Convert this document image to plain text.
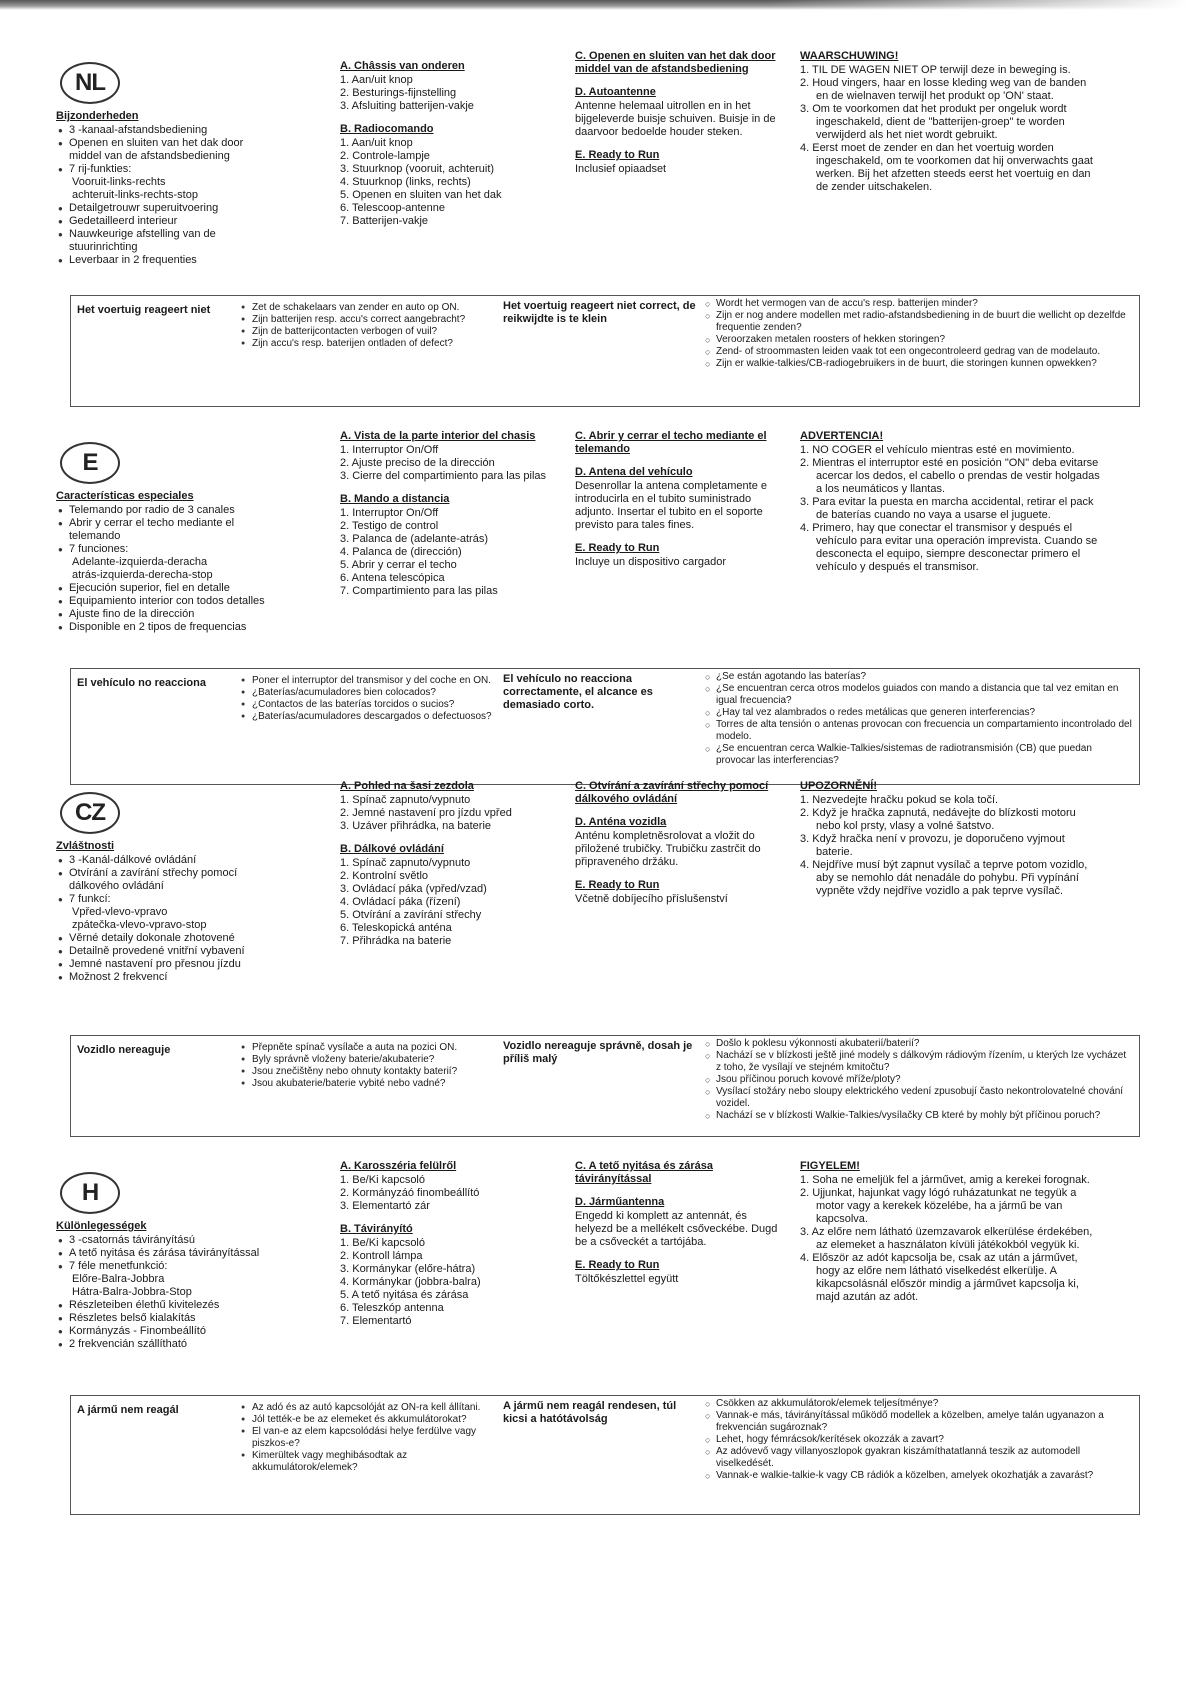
NL
Bijzonderheden
● 3 -kanaal-afstandsbediening
● Openen en sluiten van het dak door middel van de afstandsbediening
● 7 rij-funkties:
Vooruit-links-rechts
achteruit-links-rechts-stop
● Detailgetrouwr superuitvoering
● Gedetailleerd interieur
● Nauwkeurige afstelling van de stuurinrichting
● Leverbaar in 2 frequenties
A. Châssis van onderen
1. Aan/uit knop
2. Besturings-fijnstelling
3. Afsluiting batterijen-vakje
B. Radiocomando
1. Aan/uit knop
2. Controle-lampje
3. Stuurknop (vooruit, achteruit)
4. Stuurknop (links, rechts)
5. Openen en sluiten van het dak
6. Telescoop-antenne
7. Batterijen-vakje
C. Openen en sluiten van het dak door middel van de afstandsbediening
D. Autoantenne
Antenne helemaal uitrollen en in het bijgeleverde buisje schuiven. Buisje in de daarvoor bedoelde houder steken.
E. Ready to Run
Inclusief opiaadset
WAARSCHUWING!
1. TIL DE WAGEN NIET OP terwijl deze in beweging is.
2. Houd vingers, haar en losse kleding weg van de banden en de wielnaven terwijl het produkt op 'ON' staat.
3. Om te voorkomen dat het produkt per ongeluk wordt ingeschakeld, dient de "batterijen-groep" te worden verwijderd als het niet wordt gebruikt.
4. Eerst moet de zender en dan het voertuig worden ingeschakeld, om te voorkomen dat hij onverwachts gaat werken. Bij het afzetten steeds eerst het voertuig en dan de zender uitschakelen.
Het voertuig reageert niet	● Zet de schakelaars van zender en auto op ON.
● Zijn batterijen resp. accu's correct aangebracht?
● Zijn de batterijcontacten verbogen of vuil?
● Zijn accu's resp. baterijen ontladen of defect?
Het voertuig reageert niet correct, de reikwijdte is te klein
○ Wordt het vermogen van de accu's resp. batterijen minder?
○ Zijn er nog andere modellen met radio-afstandsbediening in de buurt die wellicht op dezelfde frequentie zenden?
○ Veroorzaken metalen roosters of hekken storingen?
○ Zend- of stroommasten leiden vaak tot een ongecontroleerd gedrag van de modelauto.
○ Zijn er walkie-talkies/CB-radiogebruikers in de buurt, die storingen kunnen opwekken?
E
Características especiales
● Telemando por radio de 3 canales
● Abrir y cerrar el techo mediante el telemando
● 7 funciones:
Adelante-izquierda-deracha
atrás-izquierda-derecha-stop
● Ejecución superior, fiel en detalle
● Equipamiento interior con todos detalles
● Ajuste fino de la dirección
● Disponible en 2 tipos de frequencias
A. Vista de la parte interior del chasis
1. Interruptor On/Off
2. Ajuste preciso de la dirección
3. Cierre del compartimiento para las pilas
B. Mando a distancia
1. Interruptor On/Off
2. Testigo de control
3. Palanca de (adelante-atrás)
4. Palanca de (dirección)
5. Abrir y cerrar el techo
6. Antena telescópica
7. Compartimiento para las pilas
C. Abrir y cerrar el techo mediante el telemando
D. Antena del vehículo
Desenrollar la antena completamente e introducirla en el tubito suministrado adjunto. Insertar el tubito en el soporte previsto para tales fines.
E. Ready to Run
Incluye un dispositivo cargador
ADVERTENCIA!
1. NO COGER el vehículo mientras esté en movimiento.
2. Mientras el interruptor esté en posición "ON" deba evitarse acercar los dedos, el cabello o prendas de vestir holgadas a los neumáticos y llantas.
3. Para evitar la puesta en marcha accidental, retirar el pack de baterías cuando no vaya a usarse el juguete.
4. Primero, hay que conectar el transmisor y después el vehículo para evitar una operación imprevista. Cuando se desconecta el equipo, siempre desconectar primero el vehículo y después el transmisor.
El vehículo no reacciona	● Poner el interruptor del transmisor y del coche en ON.
● ¿Baterías/acumuladores bien colocados?
● ¿Contactos de las baterías torcidos o sucios?
● ¿Baterías/acumuladores descargados o defectuosos?
El vehículo no reacciona correctamente, el alcance es demasiado corto.
○ ¿Se están agotando las baterías?
○ ¿Se encuentran cerca otros modelos guiados con mando a distancia que tal vez emitan en igual frecuencia?
○ ¿Hay tal vez alambrados o redes metálicas que generen interferencias?
○ Torres de alta tensión o antenas provocan con frecuencia un compartamiento incontrolado del modelo.
○ ¿Se encuentran cerca Walkie-Talkies/sistemas de radiotransmisión (CB) que puedan provocar las interferencias?
CZ
Zvláštnosti
● 3 -Kanál-dálkové ovládání
● Otvírání a zavírání střechy pomocí dálkového ovládání
● 7 funkcí:
Vpřed-vlevo-vpravo
zpátečka-vlevo-vpravo-stop
● Věrné detaily dokonale zhotovené
● Detailně provedené vnitřní vybavení
● Jemné nastavení pro přesnou jízdu
● Možnost 2 frekvencí
A. Pohled na šasi zezdola
1. Spínač zapnuto/vypnuto
2. Jemné nastavení pro jízdu vpřed
3. Uzáver přihrádka, na baterie
B. Dálkové ovládání
1. Spínač zapnuto/vypnuto
2. Kontrolní světlo
3. Ovládací páka (vpřed/vzad)
4. Ovládací páka (řízení)
5. Otvírání a zavírání střechy
6. Teleskopická anténa
7. Přihrádka na baterie
C. Otvírání a zavírání střechy pomocí dálkového ovládání
D. Anténa vozidla
Anténu kompletněsrolovat a vložit do přiložené trubičky. Trubičku zastrčit do připraveného držáku.
E. Ready to Run
Včetně dobíjecího příslušenství
UPOZORNĚNÍ!
1. Nezvedejte hračku pokud se kola točí.
2. Když je hračka zapnutá, nedávejte do blízkosti motoru nebo kol prsty, vlasy a volné šatstvo.
3. Když hračka není v provozu, je doporučeno vyjmout baterie.
4. Nejdříve musí být zapnut vysílač a teprve potom vozidlo, aby se nemohlo dát nenadále do pohybu. Při vypínání vypněte vždy nejdříve vozidlo a pak teprve vysílač.
Vozidlo nereaguje	● Přepněte spínač vysílače a auta na pozici ON.
● Byly správně vloženy baterie/akubaterie?
● Jsou znečištěny nebo ohnuty kontakty baterií?
● Jsou akubaterie/baterie vybité nebo vadné?
Vozidlo nereaguje správně, dosah je příliš malý
○ Došlo k poklesu výkonnosti akubaterií/baterií?
○ Nachází se v blízkosti ještě jiné modely s dálkovým rádiovým řízením, u kterých lze vycházet z toho, že vysílají ve stejném kmitočtu?
○ Jsou příčinou poruch kovové mříže/ploty?
○ Vysílací stožáry nebo sloupy elektrického vedení zpusobují často nekontrolovatelné chování vozidel.
○ Nachází se v blízkosti Walkie-Talkies/vysílačky CB které by mohly být příčinou poruch?
H
Különlegességek
● 3 -csatornás távirányítású
● A tető nyitása és zárása távirányítással
● 7 féle menetfunkció:
Előre-Balra-Jobbra
Hátra-Balra-Jobbra-Stop
● Részleteiben élethű kivitelezés
● Részletes belső kialakítás
● Kormányzás - Finombeállító
● 2 frekvencián szállítható
A. Karosszéria felülről
1. Be/Ki kapcsoló
2. Kormányzáó finombeállító
3. Elementartó zár
B. Távirányító
1. Be/Ki kapcsoló
2. Kontroll lámpa
3. Kormánykar (előre-hátra)
4. Kormánykar (jobbra-balra)
5. A tető nyitása és zárása
6. Teleszkóp antenna
7. Elementartó
C. A tető nyitása és zárása távirányítással
D. Járműantenna
Engedd ki komplett az antennát, és helyezd be a mellékelt csőveckébe. Dugd be a csőveckét a tartójába.
E. Ready to Run
Töltőkészlettel együtt
FIGYELEM!
1. Soha ne emeljük fel a járművet, amig a kerekei forognak.
2. Ujjunkat, hajunkat vagy lógó ruházatunkat ne tegyük a motor vagy a kerekek közelébe, ha a jármű be van kapcsolva.
3. Az előre nem látható üzemzavarok elkerülése érdekében, az elemeket a használaton kívüli játékokból vegyük ki.
4. Először az adót kapcsolja be, csak az után a járművet, hogy az előre nem látható viselkedést elkerülje. A kikapcsolásnál először mindig a járművet kapcsolja ki, majd azután az adót.
A jármű nem reagál	● Az adó és az autó kapcsolóját az ON-ra kell állítani.
● Jól tették-e be az elemeket és akkumulátorokat?
● El van-e az elem kapcsolódási helye ferdülve vagy piszkos-e?
● Kimerültek vagy meghibásodtak az akkumulátorok/elemek?
A jármű nem reagál rendesen, túl kicsi a hatótávolság
○ Csökken az akkumulátorok/elemek teljesítménye?
○ Vannak-e más, távirányítással működő modellek a közelben, amelye talán ugyanazon a frekvencián sugároznak?
○ Lehet, hogy fémrácsok/kerítések okozzák a zavart?
○ Az adóvevő vagy villanyoszlopok gyakran kiszámíthatatlanná teszik az automodell viselkedését.
○ Vannak-e walkie-talkie-k vagy CB rádiók a közelben, amelyek okozhatják a zavarást?
